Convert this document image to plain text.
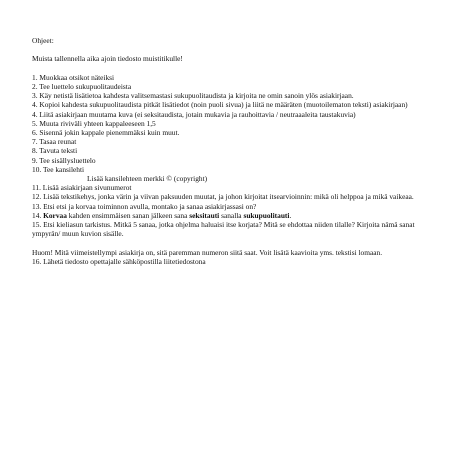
Ohjeet:

Muista tallennella aika ajoin tiedosto muistitikulle!

1. Muokkaa otsikot näteiksi

2. Tee luettelo sukupuolitaudeista

3. Käy netistä lisätietoa kahdesta valitsemastasi sukupuolitaudista ja kirjoita ne omin sanoin ylös asiakirjaan.

4. Kopioi kahdesta sukupuolitaudista pitkät lisätiedot (noin puoli sivua) ja liitä ne määräten (muotoilematon teksti) asiakirjaan)

4. Liitä asiakirjaan muutama kuva (ei seksitaudista, jotain mukavia ja rauhoittavia / neutraaaleita taustakuvia)

5. Muuta riviväli yhteen kappaleeseen 1,5

6. Sisennä jokin kappale pienemmäksi kuin muut.

7. Tasaa reunat

8. Tavuta teksti

9. Tee sisällysluettelo

10. Tee kansilehti

Lisää kansilehteen merkki © (copyright)

11. Lisää asiakirjaan sivunumerot

12. Lisää tekstikehys, jonka värin ja viivan paksuuden muutat, ja johon kirjoitat itsearvioinnin: mikä oli helppoa ja mikä vaikeaa.

13. Etsi etsi ja korvaa toiminnon avulla, montako ja sanaa asiakirjassasi on?

14. Korvaa kahden ensimmäisen sanan jälkeen sana seksitauti sanalla sukupuolitauti.

15. Etsi kieliasun tarkistus. Mitkä 5 sanaa, jotka ohjelma haluaisi itse korjata? Mitä se ehdottaa niiden tilalle? Kirjoita nämä sanat ympyrän/ muun kuvion sisälle.

Huom! Mitä viimeistellympi asiakirja on, sitä paremman numeron siitä saat. Voit lisätä kaavioita yms. tekstisi lomaan.

16. Lähetä tiedosto opettajalle sähköpostilla liitetiedostona
